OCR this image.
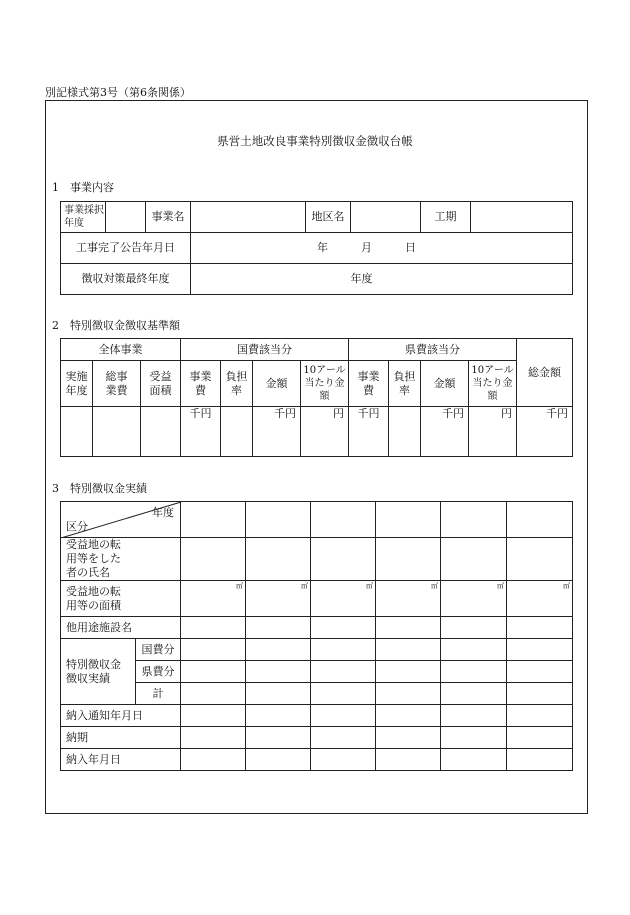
別記様式第3号（第6条関係）
県営土地改良事業特別徴収金徴収台帳
1　事業内容
事業採択年度		事業名		地区名		工期	
工事完了公告年月日			年　　　月　　　日				
徴収対策最終年度			年度				
2　特別徴収金徴収基準額
全体事業			国費該当分				県費該当分				総金額
実施年度	総事業費	受益面積	事業費	負担率	金額	10アール当たり金額	事業費	負担率	金額	10アール当たり金額	
			千円		千円	円	千円		千円	円	千円
3　特別徴収金実績
年度
区分							

受益地の転用等をした者の氏名							
受益地の転用等の面積		㎡	㎡	㎡	㎡	㎡	㎡
他用途施設名							
特別徴収金徴収実績	国費分						
	県費分						
	計						
納入通知年月日							
納期							
納入年月日							
